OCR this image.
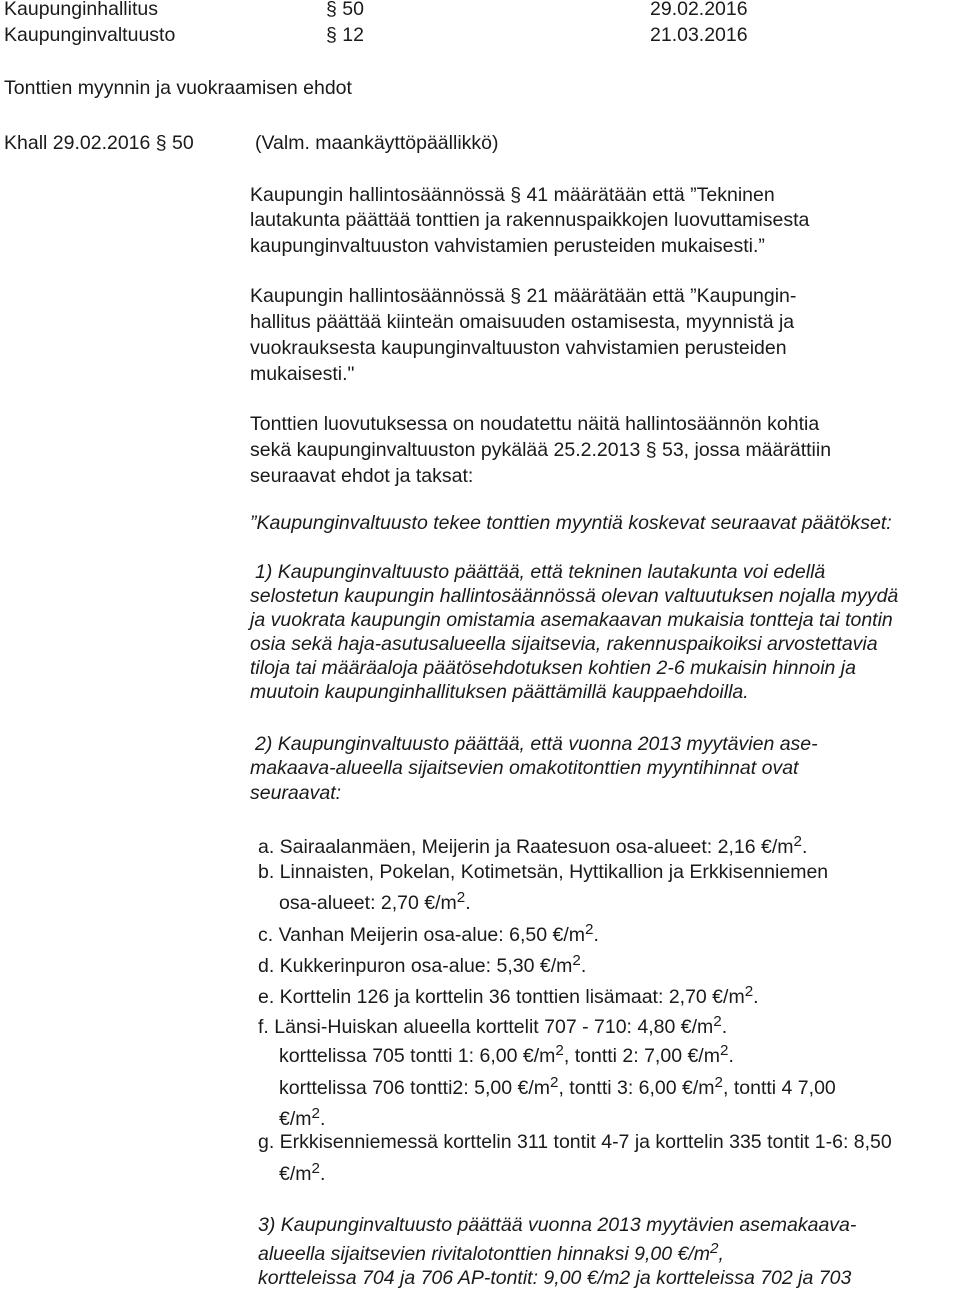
Kaupunginhallitus	§ 50	29.02.2016
Kaupunginvaltuusto	§ 12	21.03.2016
Tonttien myynnin ja vuokraamisen ehdot
Khall 29.02.2016 § 50	(Valm. maankäyttöpäällikkö)
Kaupungin hallintosäännössä § 41 määrätään että ”Tekninen
lautakunta päättää tonttien ja rakennuspaikkojen luovuttamisesta
kaupunginvaltuuston vahvistamien perusteiden mukaisesti.”
Kaupungin hallintosäännössä § 21 määrätään että ”Kaupungin-
hallitus päättää kiinteän omaisuuden ostamisesta, myynnistä ja
vuokrauksesta kaupunginvaltuuston vahvistamien perusteiden
mukaisesti."
Tonttien luovutuksessa on noudatettu näitä hallintosäännön kohtia
sekä kaupunginvaltuuston pykälää 25.2.2013 § 53, jossa määrättiin
seuraavat ehdot ja taksat:
”Kaupunginvaltuusto tekee tonttien myyntiä koskevat seuraavat päätökset:
1) Kaupunginvaltuusto päättää, että tekninen lautakunta voi edellä
selostetun kaupungin hallintosäännössä olevan valtuutuksen nojalla myydä
ja vuokrata kaupungin omistamia asemakaavan mukaisia tontteja tai tontin
osia sekä haja-asutusalueella sijaitsevia, rakennuspaikoiksi arvostettavia
tiloja tai määräaloja päätösehdotuksen kohtien 2-6 mukaisin hinnoin ja
muutoin kaupunginhallituksen päättämillä kauppaehdoilla.
2) Kaupunginvaltuusto päättää, että vuonna 2013 myytävien ase-
makaava-alueella sijaitsevien omakotitonttien myyntihinnat ovat
seuraavat:
a. Sairaalanmäen, Meijerin ja Raatesuon osa-alueet: 2,16 $€/m^2$.
b. Linnaisten, Pokelan, Kotimetsän, Hyttikallion ja Erkkisenniemen
osa-alueet: 2,70 $€/m^2$.
c. Vanhan Meijerin osa-alue: 6,50 $€/m^2$.
d. Kukkerinpuron osa-alue: 5,30 $€/m^2$.
e. Korttelin 126 ja korttelin 36 tonttien lisämaat: 2,70 $€/m^2$.
f. Länsi-Huiskan alueella korttelit 707 - 710: 4,80 $€/m^2$.
korttelissa 705 tontti 1: 6,00 $€/m^2$, tontti 2: 7,00 $€/m^2$.
korttelissa 706 tontti2: 5,00 $€/m^2$, tontti 3: 6,00 $€/m^2$, tontti 4 7,00
$€/m^2$.
g. Erkkisenniemessä korttelin 311 tontit 4-7 ja korttelin 335 tontit 1-6: 8,50
$€/m^2$.
3) Kaupunginvaltuusto päättää vuonna 2013 myytävien asemakaava-
alueella sijaitsevien rivitalotonttien hinnaksi 9,00 $€/m^2$,
kortteleissa 704 ja 706 AP-tontit: 9,00 €/m2 ja kortteleissa 702 ja 703
